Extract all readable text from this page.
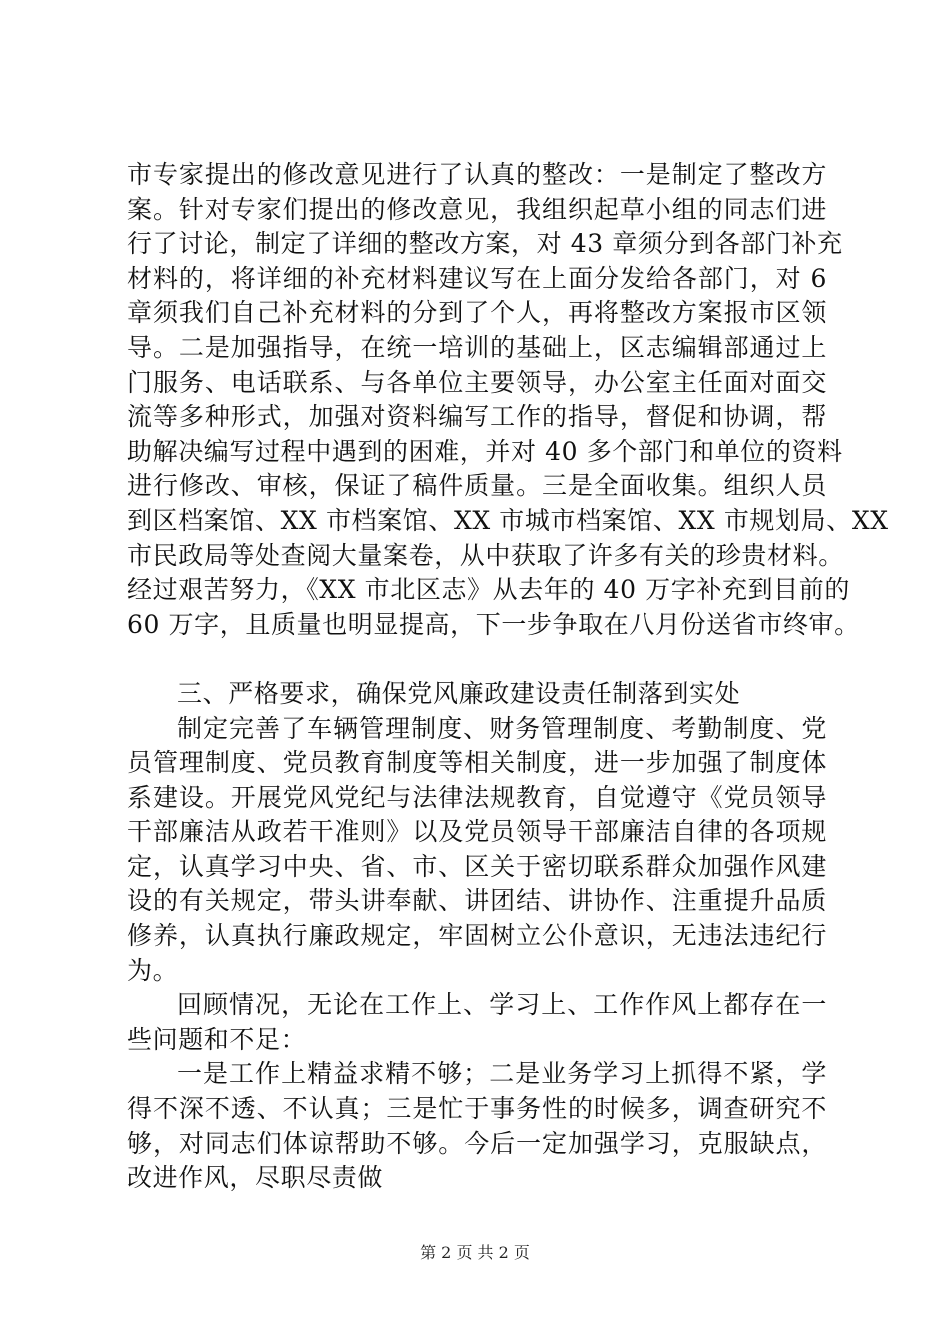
市专家提出的修改意见进行了认真的整改：一是制定了整改方
案。针对专家们提出的修改意见，我组织起草小组的同志们进
行了讨论，制定了详细的整改方案，对 43 章须分到各部门补充
材料的，将详细的补充材料建议写在上面分发给各部门，对 6
章须我们自己补充材料的分到了个人，再将整改方案报市区领
导。二是加强指导，在统一培训的基础上，区志编辑部通过上
门服务、电话联系、与各单位主要领导，办公室主任面对面交
流等多种形式，加强对资料编写工作的指导，督促和协调，帮
助解决编写过程中遇到的困难，并对 40 多个部门和单位的资料
进行修改、审核，保证了稿件质量。三是全面收集。组织人员
到区档案馆、XX 市档案馆、XX 市城市档案馆、XX 市规划局、XX
市民政局等处查阅大量案卷，从中获取了许多有关的珍贵材料。
经过艰苦努力，《XX 市北区志》从去年的 40 万字补充到目前的
60 万字，且质量也明显提高，下一步争取在八月份送省市终审。
三、严格要求，确保党风廉政建设责任制落到实处
制定完善了车辆管理制度、财务管理制度、考勤制度、党
员管理制度、党员教育制度等相关制度，进一步加强了制度体
系建设。开展党风党纪与法律法规教育，自觉遵守《党员领导
干部廉洁从政若干准则》以及党员领导干部廉洁自律的各项规
定，认真学习中央、省、市、区关于密切联系群众加强作风建
设的有关规定，带头讲奉献、讲团结、讲协作、注重提升品质
修养，认真执行廉政规定，牢固树立公仆意识，无违法违纪行
为。
回顾情况，无论在工作上、学习上、工作作风上都存在一
些问题和不足：
一是工作上精益求精不够；二是业务学习上抓得不紧，学
得不深不透、不认真；三是忙于事务性的时候多，调查研究不
够，对同志们体谅帮助不够。今后一定加强学习，克服缺点，
改进作风，尽职尽责做
第 2 页 共 2 页
